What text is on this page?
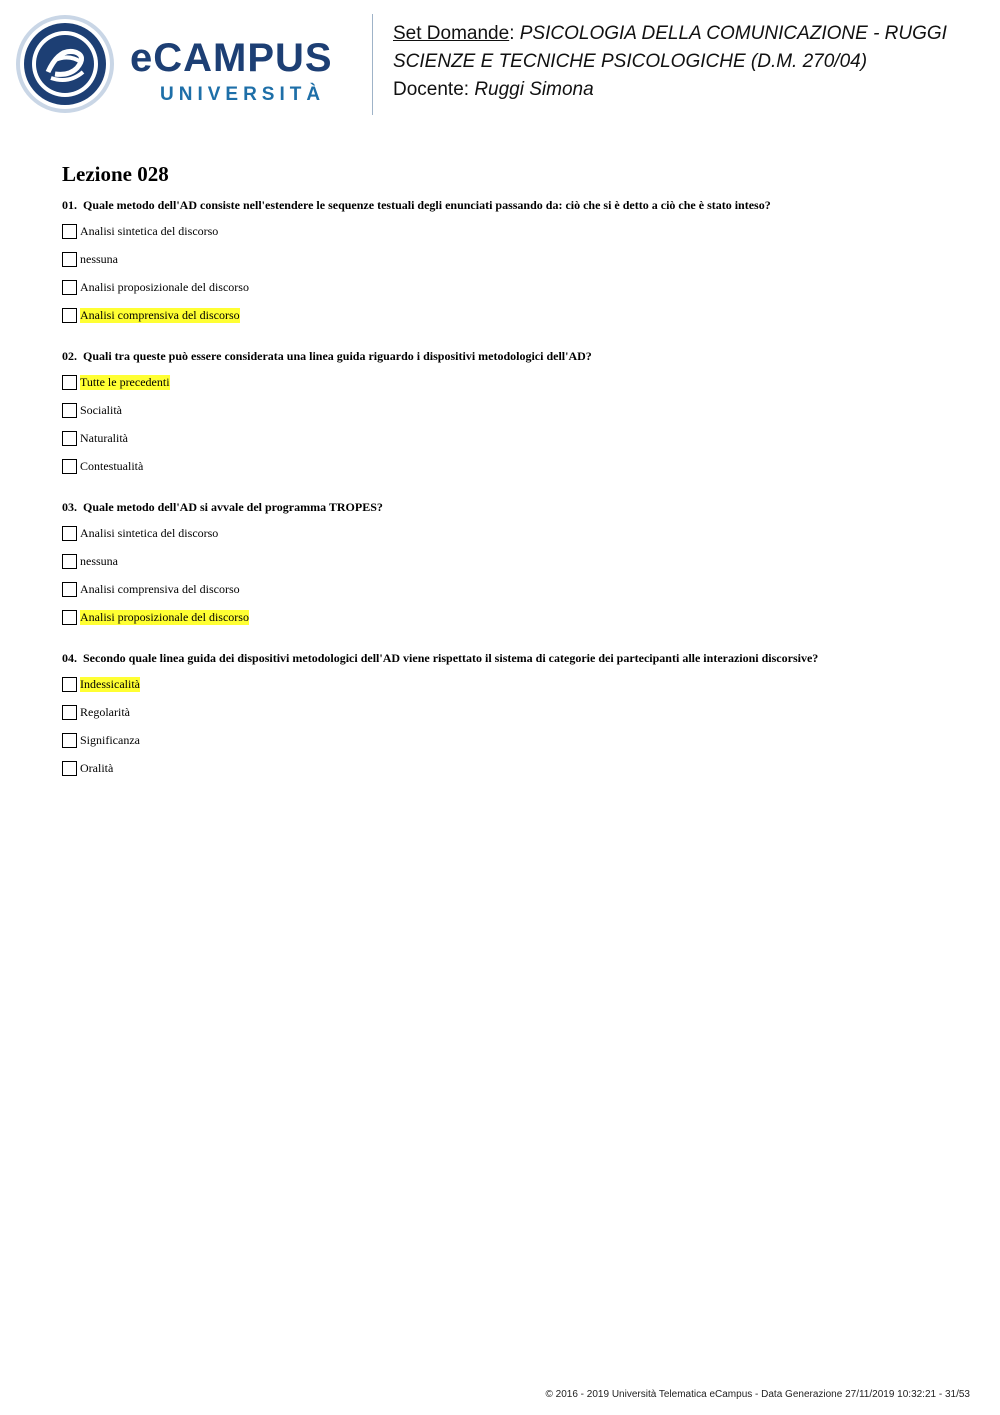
eCAMPUS
UNIVERSITÀ
Set Domande: PSICOLOGIA DELLA COMUNICAZIONE - RUGGI
SCIENZE E TECNICHE PSICOLOGICHE (D.M. 270/04)
Docente: Ruggi Simona
Lezione 028
01. Quale metodo dell'AD consiste nell'estendere le sequenze testuali degli enunciati passando da: ciò che si è detto a ciò che è stato inteso?
Analisi sintetica del discorso
nessuna
Analisi proposizionale del discorso
Analisi comprensiva del discorso
02. Quali tra queste può essere considerata una linea guida riguardo i dispositivi metodologici dell'AD?
Tutte le precedenti
Socialità
Naturalità
Contestualità
03. Quale metodo dell'AD si avvale del programma TROPES?
Analisi sintetica del discorso
nessuna
Analisi comprensiva del discorso
Analisi proposizionale del discorso
04. Secondo quale linea guida dei dispositivi metodologici dell'AD viene rispettato il sistema di categorie dei partecipanti alle interazioni discorsive?
Indessicalità
Regolarità
Significanza
Oralità
© 2016 - 2019 Università Telematica eCampus - Data Generazione 27/11/2019 10:32:21 - 31/53
